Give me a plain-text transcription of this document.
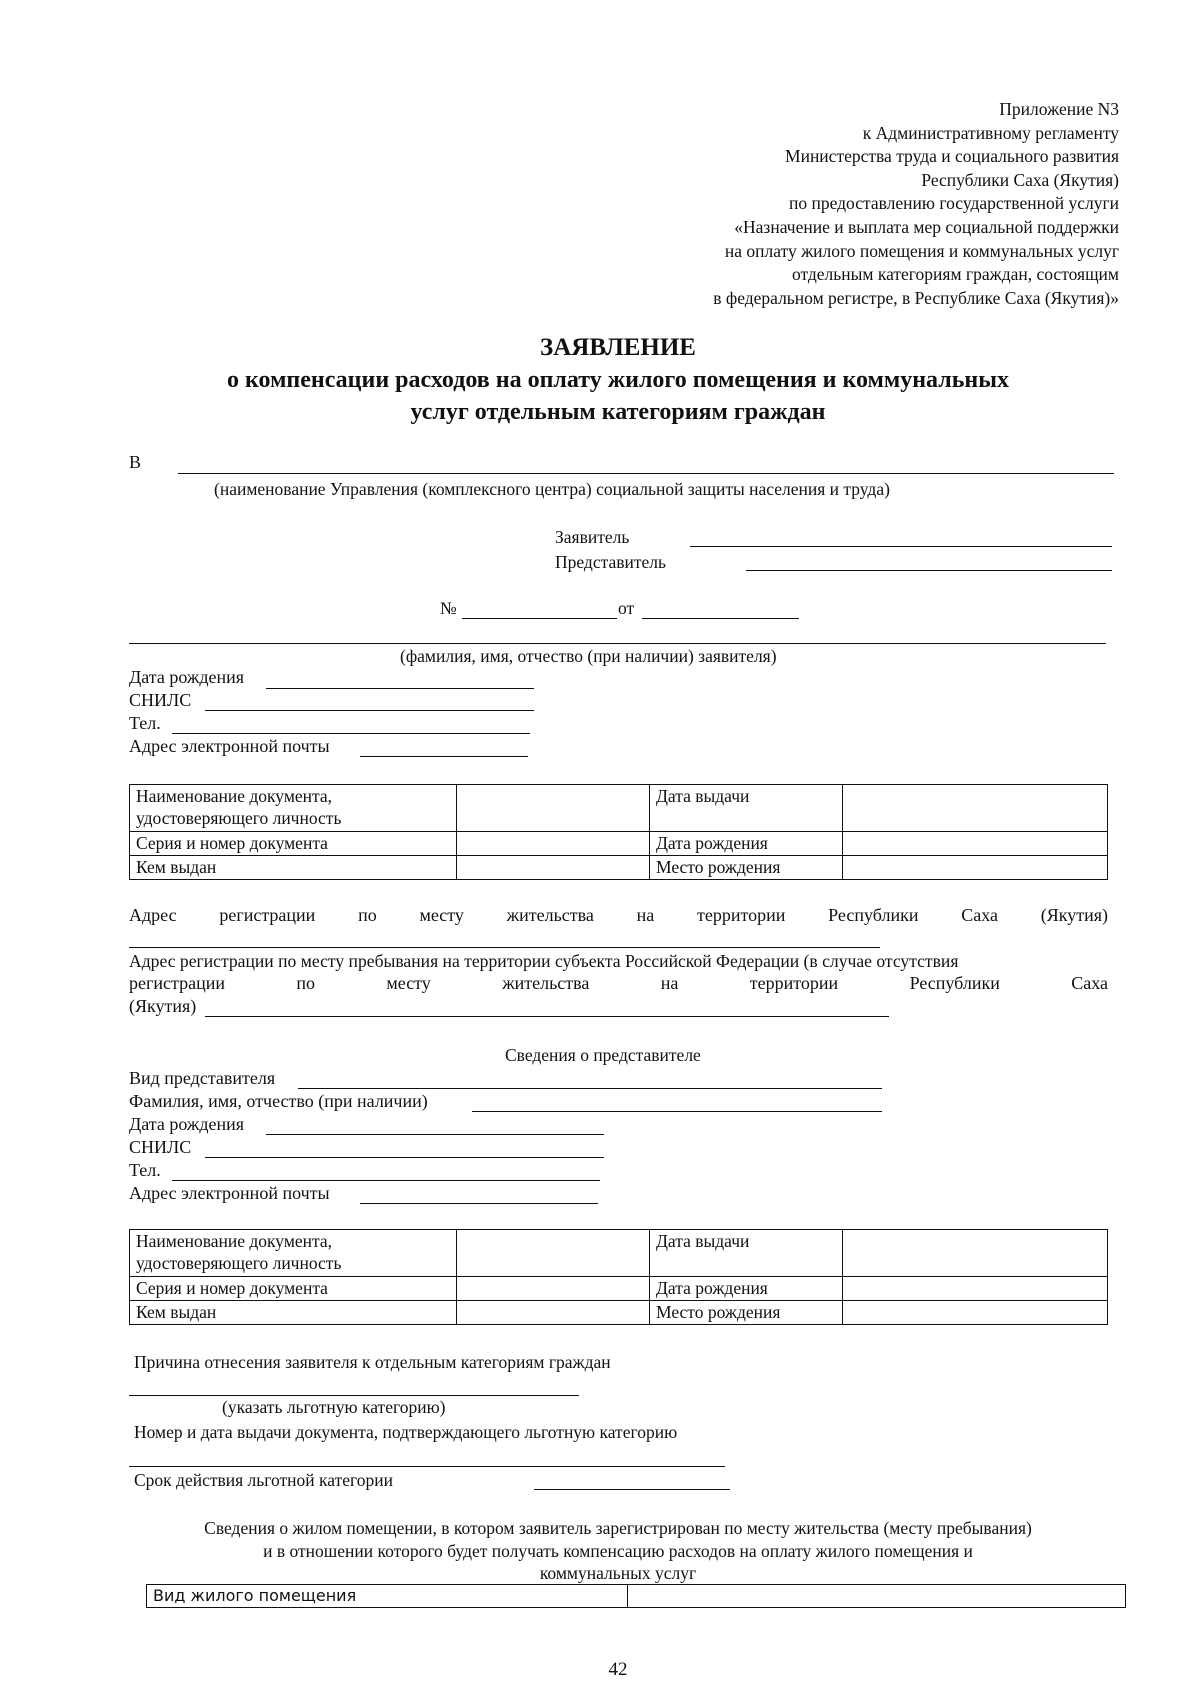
Приложение N3
к Административному регламенту
Министерства труда и социального развития
Республики Саха (Якутия)
по предоставлению государственной услуги
«Назначение и выплата мер социальной поддержки
на оплату жилого помещения и коммунальных услуг
отдельным категориям граждан, состоящим
в федеральном регистре, в Республике Саха (Якутия)»
ЗАЯВЛЕНИЕ
о компенсации расходов на оплату жилого помещения и коммунальных
услуг отдельным категориям граждан
В
(наименование Управления (комплексного центра) социальной защиты населения и труда)
Заявитель
Представитель
№	от
(фамилия, имя, отчество (при наличии) заявителя)
Дата рождения
СНИЛС
Тел.
Адрес электронной почты
Наименование документа,
удостоверяющего личность		Дата выдачи	
Серия и номер документа		Дата рождения	
Кем выдан		Место рождения	
Адрес регистрации по месту жительства на территории Республики Саха (Якутия)
Адрес регистрации по месту пребывания на территории субъекта Российской Федерации (в случае отсутствия
регистрации	по	месту	жительства	на	территории	Республики	Саха
(Якутия)
Сведения о представителе
Вид представителя
Фамилия, имя, отчество (при наличии)
Дата рождения
СНИЛС
Тел.
Адрес электронной почты
Наименование документа,
удостоверяющего личность		Дата выдачи	
Серия и номер документа		Дата рождения	
Кем выдан		Место рождения	
Причина отнесения заявителя к отдельным категориям граждан
(указать льготную категорию)
Номер и дата выдачи документа, подтверждающего льготную категорию
Срок действия льготной категории
Сведения о жилом помещении, в котором заявитель зарегистрирован по месту жительства (месту пребывания)
и в отношении которого будет получать компенсацию расходов на оплату жилого помещения и
коммунальных услуг
Вид жилого помещения	
42
